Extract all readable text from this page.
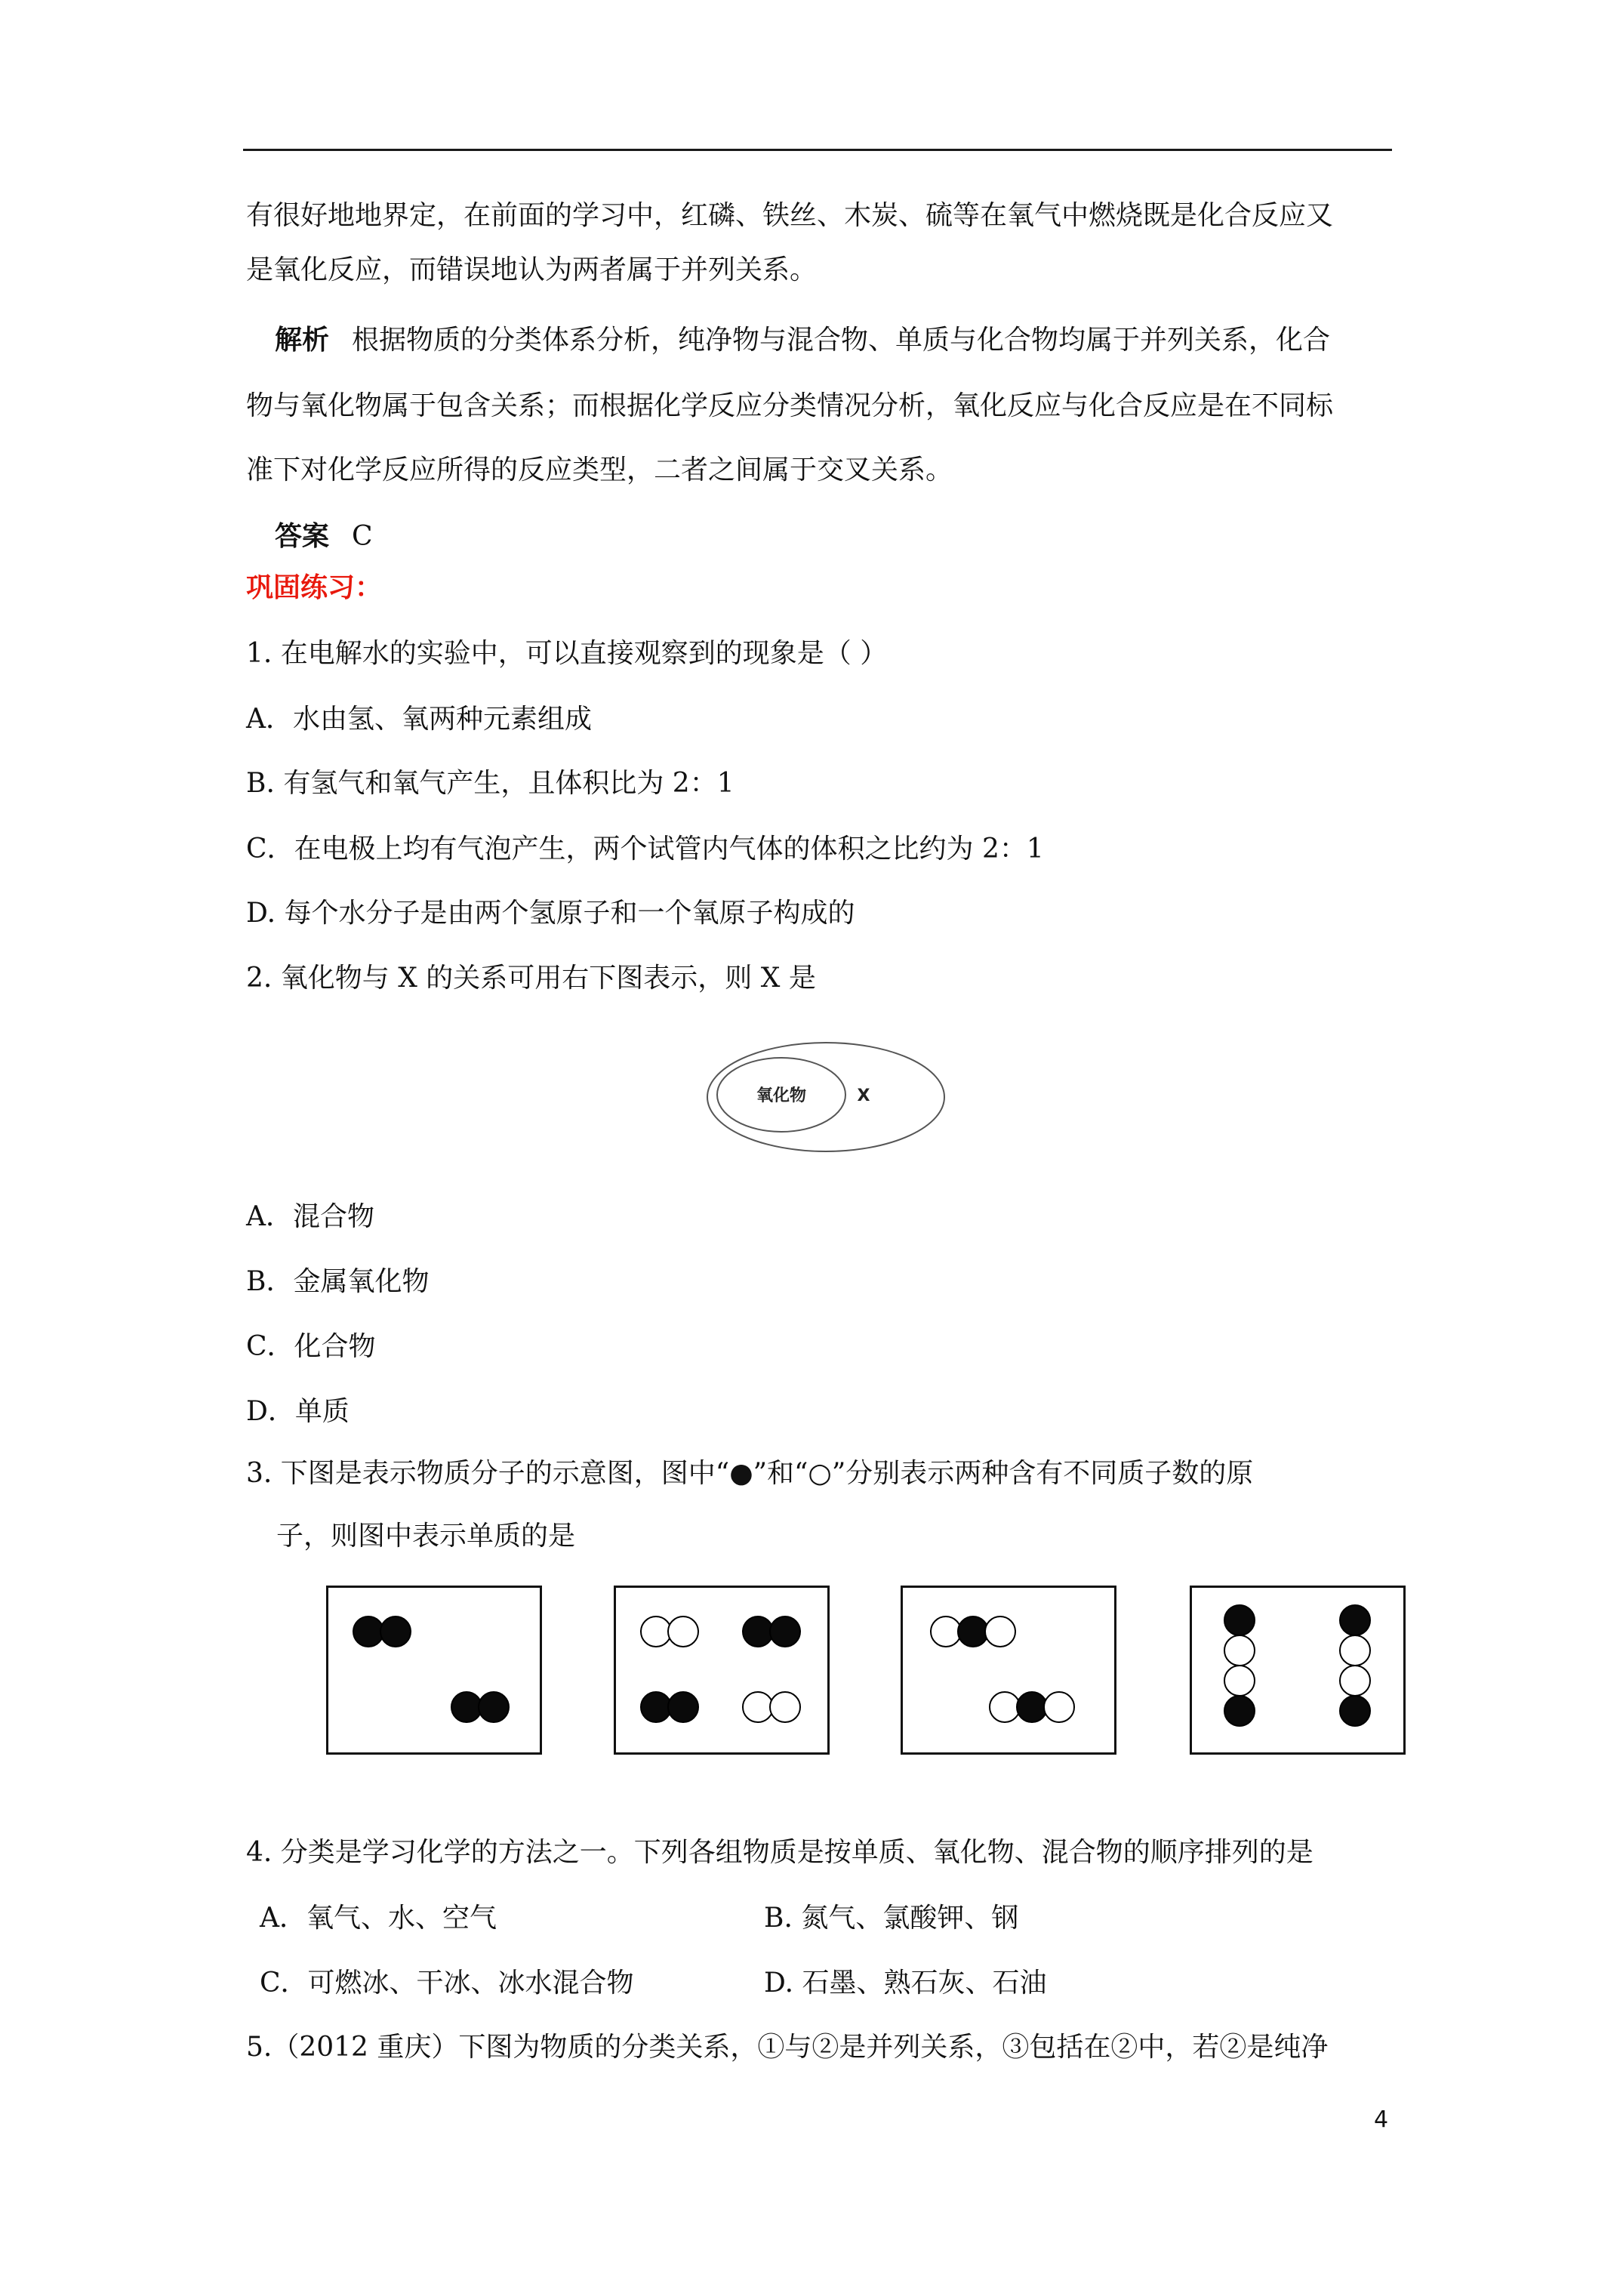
有很好地地界定，在前面的学习中，红磷、铁丝、木炭、硫等在氧气中燃烧既是化合反应又
是氧化反应，而错误地认为两者属于并列关系。
解析 根据物质的分类体系分析，纯净物与混合物、单质与化合物均属于并列关系，化合
物与氧化物属于包含关系；而根据化学反应分类情况分析，氧化反应与化合反应是在不同标
准下对化学反应所得的反应类型，二者之间属于交叉关系。
答案 C
巩固练习：
1. 在电解水的实验中，可以直接观察到的现象是（ ）
A．水由氢、氧两种元素组成
B. 有氢气和氧气产生，且体积比为 2：1
C．在电极上均有气泡产生，两个试管内气体的体积之比约为 2：1
D. 每个水分子是由两个氢原子和一个氧原子构成的
2. 氧化物与 X 的关系可用右下图表示，则 X 是
氧化物	X
A．混合物
B．金属氧化物
C．化合物
D．单质
3. 下图是表示物质分子的示意图，图中“●”和“○”分别表示两种含有不同质子数的原
子，则图中表示单质的是
4. 分类是学习化学的方法之一。下列各组物质是按单质、氧化物、混合物的顺序排列的是
A．氧气、水、空气	B. 氮气、氯酸钾、钢
C．可燃冰、干冰、冰水混合物	D. 石墨、熟石灰、石油
5.（2012 重庆）下图为物质的分类关系，①与②是并列关系，③包括在②中，若②是纯净
4
